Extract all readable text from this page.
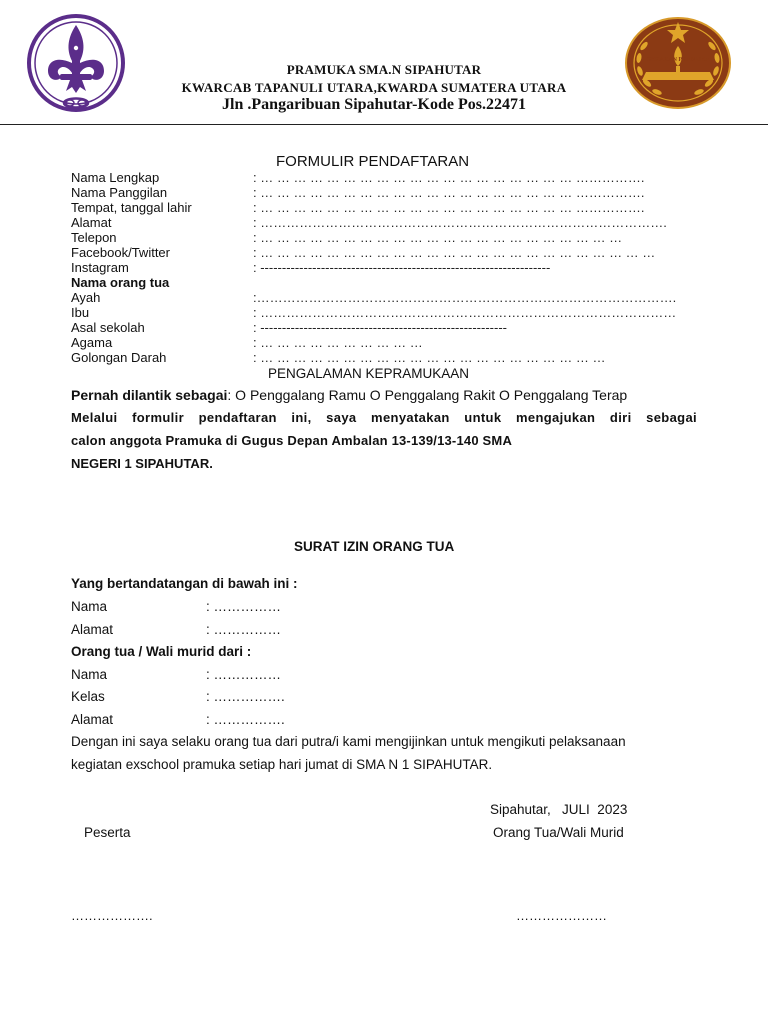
GERAKAN PRAMUKA
PRAMUKA SMA.N SIPAHUTAR
KWARCAB TAPANULI UTARA,KWARDA SUMATERA UTARA
Jln .Pangaribuan Sipahutar-Kode Pos.22471
FORMULIR PENDAFTARAN
Nama Lengkap	: … … … … … … … … … … … … … … … … … … … …………….
Nama Panggilan	: … … … … … … … … … … … … … … … … … … … …………….
Tempat, tanggal lahir	: … … … … … … … … … … … … … … … … … … … …………….
Alamat	: ………………………………………………………………………………….
Telepon	: … … … … … … … … … … … … … … … … … … … … … …
Facebook/Twitter	: … … … … … … … … … … … … … … … … … … … … … … … …
Instagram	: -------------------------------------------------------------------
Nama orang tua
Ayah	:…………………………………………………………………………………….
Ibu	: ……………………………………………………………………………………
Asal sekolah	: ---------------------------------------------------------
Agama	: … … … … … … … … … …
Golongan Darah	: … … … … … … … … … … … … … … … … … … … … …
PENGALAMAN KEPRAMUKAAN
Pernah dilantik sebagai: O Penggalang Ramu O Penggalang Rakit O Penggalang Terap
Melalui formulir pendaftaran ini, saya menyatakan untuk mengajukan diri sebagai
calon anggota Pramuka di Gugus Depan Ambalan 13-139/13-140 SMA
NEGERI 1 SIPAHUTAR.
SURAT IZIN ORANG TUA
Yang bertandatangan di bawah ini :
Nama	: ……………
Alamat	: ……………
Orang tua / Wali murid dari :
Nama	: ……………
Kelas	: …………….
Alamat	: …………….
Dengan ini saya selaku orang tua dari putra/i kami mengijinkan untuk mengikuti pelaksanaan
kegiatan exschool pramuka setiap hari jumat di SMA N 1 SIPAHUTAR.
Sipahutar,   JULI  2023
Peserta	Orang Tua/Wali Murid
……………….	…………………
